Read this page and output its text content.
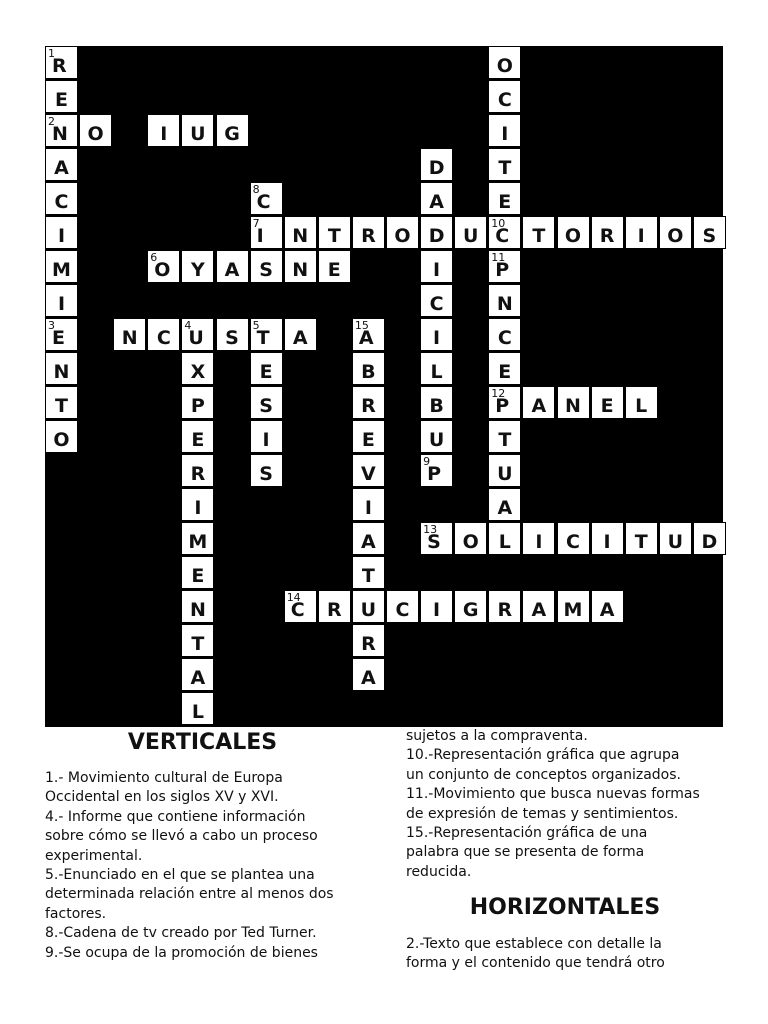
1
R
E
2
N
A
C
I
M
I
3
E
N
T
O
O
N
I
C
U
U
4
G
6
O	Y	A	S	N	E
X
P
E
R
I
M
E
N
T
A
L
S
5
T	A
E
S
I
S
8
C
7
I	N	T	R O D U
10
C	T	O R	I	O	S
D
A
I
C
I
L
B
U
9
P
O
C
I
T
E
11
P
N
C
E
12
P
T
U
A
L
A N	E	L
15
A
B
R
E
V
I
A
T
U
R
A
13
S	O	I	C	I	T	U D
14
C	R	C	I	G R	A M A
VERTICALES

1.- Movimiento cultural de Europa

Occidental en los siglos XV y XVI.

4.- Informe que contiene información

sobre cómo se llevó a cabo un proceso

experimental.

5.-Enunciado en el que se plantea una

determinada relación entre al menos dos

factores.

8.-Cadena de tv creado por Ted Turner.

9.-Se ocupa de la promoción de bienes

sujetos a la compraventa.

10.-Representación gráfica que agrupa

un conjunto de conceptos organizados.

11.-Movimiento que busca nuevas formas

de expresión de temas y sentimientos.

15.-Representación gráfica de una

palabra que se presenta de forma

reducida.

HORIZONTALES

2.-Texto que establece con detalle la

forma y el contenido que tendrá otro
